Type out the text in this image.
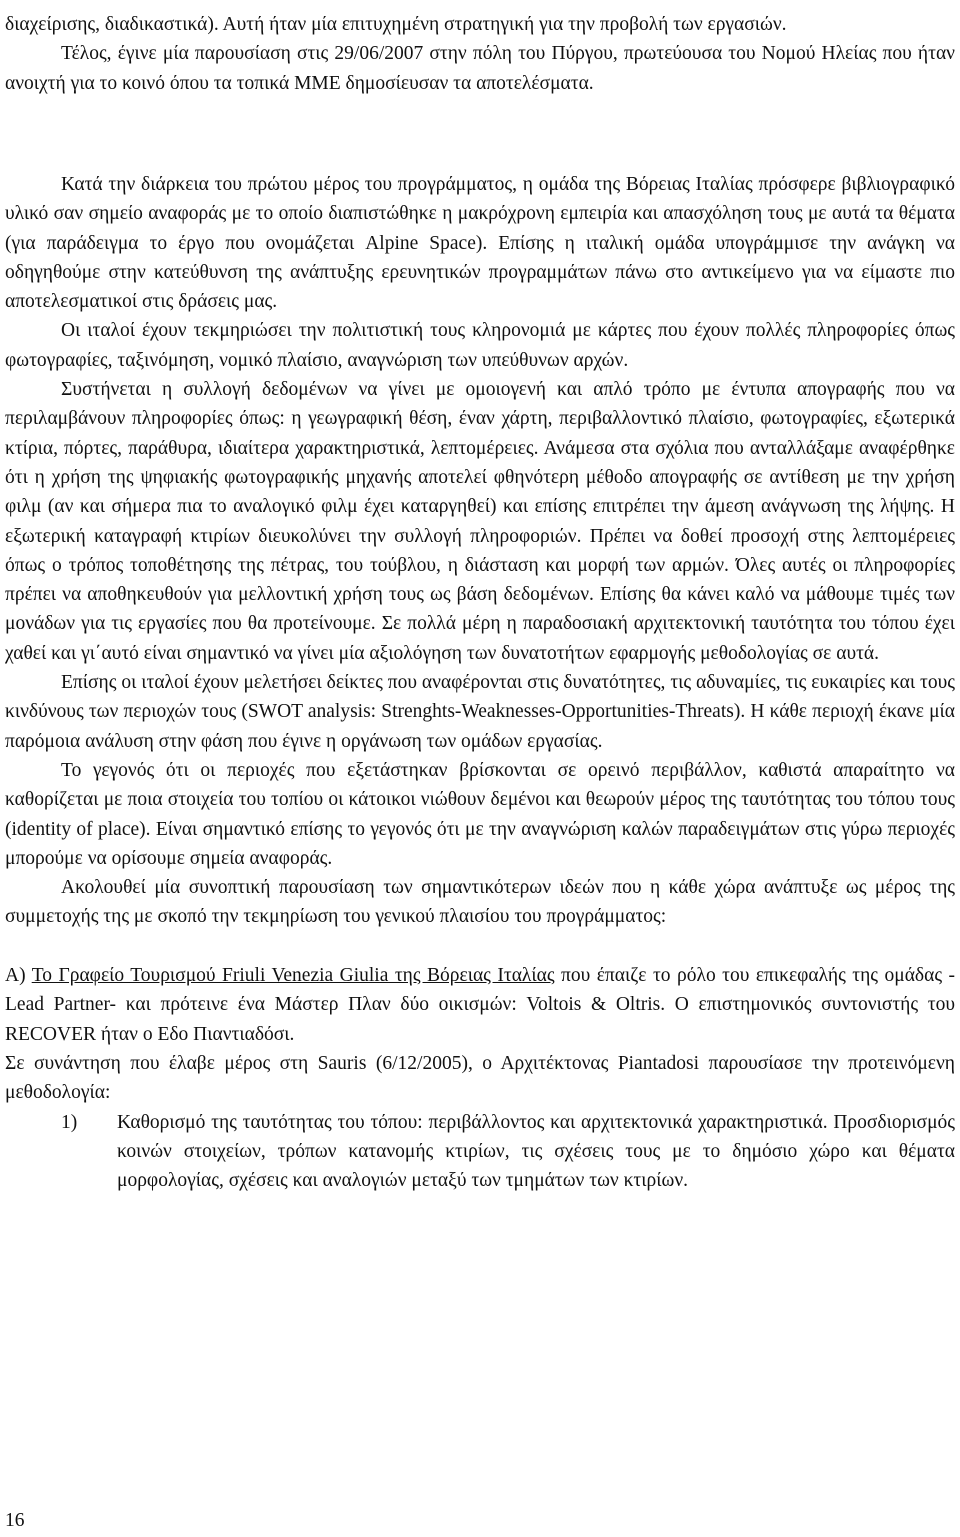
διαχείρισης, διαδικαστικά). Αυτή ήταν μία επιτυχημένη στρατηγική για την προβολή των εργασιών.

Τέλος, έγινε μία παρουσίαση στις 29/06/2007 στην πόλη του Πύργου, πρωτεύουσα του Νομού Ηλείας που ήταν ανοιχτή για το κοινό όπου τα τοπικά ΜΜΕ δημοσίευσαν τα αποτελέσματα.

Κατά την διάρκεια του πρώτου μέρος του προγράμματος, η ομάδα της Βόρειας Ιταλίας πρόσφερε βιβλιογραφικό υλικό σαν σημείο αναφοράς με το οποίο διαπιστώθηκε η μακρόχρονη εμπειρία και απασχόληση τους με αυτά τα θέματα (για παράδειγμα το έργο που ονομάζεται Alpine Space). Επίσης η ιταλική ομάδα υπογράμμισε την ανάγκη να οδηγηθούμε στην κατεύθυνση της ανάπτυξης ερευνητικών προγραμμάτων πάνω στο αντικείμενο για να είμαστε πιο αποτελεσματικοί στις δράσεις μας.

Οι ιταλοί έχουν τεκμηριώσει την πολιτιστική τους κληρονομιά με κάρτες που έχουν πολλές πληροφορίες όπως φωτογραφίες, ταξινόμηση, νομικό πλαίσιο, αναγνώριση των υπεύθυνων αρχών.

Συστήνεται η συλλογή δεδομένων να γίνει με ομοιογενή και απλό τρόπο με έντυπα απογραφής που να περιλαμβάνουν πληροφορίες όπως: η γεωγραφική θέση, έναν χάρτη, περιβαλλοντικό πλαίσιο, φωτογραφίες, εξωτερικά κτίρια, πόρτες, παράθυρα, ιδιαίτερα χαρακτηριστικά, λεπτομέρειες. Ανάμεσα στα σχόλια που ανταλλάξαμε αναφέρθηκε ότι η χρήση της ψηφιακής φωτογραφικής μηχανής αποτελεί φθηνότερη μέθοδο απογραφής σε αντίθεση με την χρήση φιλμ (αν και σήμερα πια το αναλογικό φιλμ έχει καταργηθεί) και επίσης επιτρέπει την άμεση ανάγνωση της λήψης. Η εξωτερική καταγραφή κτιρίων διευκολύνει την συλλογή πληροφοριών. Πρέπει να δοθεί προσοχή στης λεπτομέρειες όπως ο τρόπος τοποθέτησης της πέτρας, του τούβλου, η διάσταση και μορφή των αρμών. Όλες αυτές οι πληροφορίες πρέπει να αποθηκευθούν για μελλοντική χρήση τους ως βάση δεδομένων. Επίσης θα κάνει καλό να μάθουμε τιμές των μονάδων για τις εργασίες που θα προτείνουμε. Σε πολλά μέρη η παραδοσιακή αρχιτεκτονική ταυτότητα του τόπου έχει χαθεί και γι΄αυτό είναι σημαντικό να γίνει μία αξιολόγηση των δυνατοτήτων εφαρμογής μεθοδολογίας σε αυτά.

Επίσης οι ιταλοί έχουν μελετήσει δείκτες που αναφέρονται στις δυνατότητες, τις αδυναμίες, τις ευκαιρίες και τους κινδύνους των περιοχών τους (SWOT analysis: Strenghts-Weaknesses-Opportunities-Threats). Η κάθε περιοχή έκανε μία παρόμοια ανάλυση στην φάση που έγινε η οργάνωση των ομάδων εργασίας.

Το γεγονός ότι οι περιοχές που εξετάστηκαν βρίσκονται σε ορεινό περιβάλλον, καθιστά απαραίτητο να καθορίζεται με ποια στοιχεία του τοπίου οι κάτοικοι νιώθουν δεμένοι και θεωρούν μέρος της ταυτότητας του τόπου τους (identity of place). Είναι σημαντικό επίσης το γεγονός ότι με την αναγνώριση καλών παραδειγμάτων στις γύρω περιοχές μπορούμε να ορίσουμε σημεία αναφοράς.

Ακολουθεί μία συνοπτική παρουσίαση των σημαντικότερων ιδεών που η κάθε χώρα ανάπτυξε ως μέρος της συμμετοχής της με σκοπό την τεκμηρίωση του γενικού πλαισίου του προγράμματος:

Α) Το Γραφείο Τουρισμού Friuli Venezia Giulia της Βόρειας Ιταλίας που έπαιζε το ρόλο του επικεφαλής της ομάδας -Lead Partner- και πρότεινε ένα Μάστερ Πλαν δύο οικισμών: Voltois & Oltris. Ο επιστημονικός συντονιστής του RECOVER ήταν ο Εδο Πιαντιαδόσι.

Σε συνάντηση που έλαβε μέρος στη Sauris (6/12/2005), ο Αρχιτέκτονας Piantadosi παρουσίασε την προτεινόμενη μεθοδολογία:

1) Καθορισμό της ταυτότητας του τόπου: περιβάλλοντος και αρχιτεκτονικά χαρακτηριστικά. Προσδιορισμός κοινών στοιχείων, τρόπων κατανομής κτιρίων, τις σχέσεις τους με το δημόσιο χώρο και θέματα μορφολογίας, σχέσεις και αναλογιών μεταξύ των τμημάτων των κτιρίων.
16
